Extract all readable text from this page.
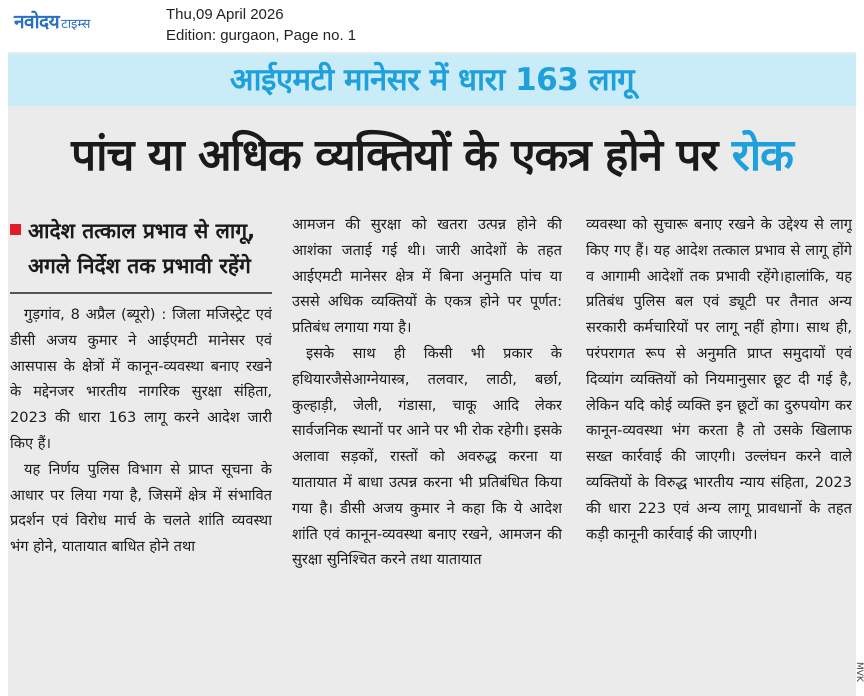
नवोदय टाइम्स
Thu,09 April 2026
Edition: gurgaon, Page no. 1
आईएमटी मानेसर में धारा 163 लागू
पांच या अधिक व्यक्तियों के एकत्र होने पर रोक
आदेश तत्काल प्रभाव से लागू, अगले निर्देश तक प्रभावी रहेंगे

गुड़गांव, 8 अप्रैल (ब्यूरो) : जिला मजिस्ट्रेट एवं डीसी अजय कुमार ने आईएमटी मानेसर एवं आसपास के क्षेत्रों में कानून-व्यवस्था बनाए रखने के मद्देनजर भारतीय नागरिक सुरक्षा संहिता, 2023 की धारा 163 लागू करने आदेश जारी किए हैं।

यह निर्णय पुलिस विभाग से प्राप्त सूचना के आधार पर लिया गया है, जिसमें क्षेत्र में संभावित प्रदर्शन एवं विरोध मार्च के चलते शांति व्यवस्था भंग होने, यातायात बाधित होने तथा

आमजन की सुरक्षा को खतरा उत्पन्न होने की आशंका जताई गई थी। जारी आदेशों के तहत आईएमटी मानेसर क्षेत्र में बिना अनुमति पांच या उससे अधिक व्यक्तियों के एकत्र होने पर पूर्णत: प्रतिबंध लगाया गया है।

इसके साथ ही किसी भी प्रकार के हथियारजैसेआग्नेयास्त्र, तलवार, लाठी, बर्छा, कुल्हाड़ी, जेली, गंडासा, चाकू आदि लेकर सार्वजनिक स्थानों पर आने पर भी रोक रहेगी। इसके अलावा सड़कों, रास्तों को अवरुद्ध करना या यातायात में बाधा उत्पन्न करना भी प्रतिबंधित किया गया है। डीसी अजय कुमार ने कहा कि ये आदेश शांति एवं कानून-व्यवस्था बनाए रखने, आमजन की सुरक्षा सुनिश्चित करने तथा यातायात

व्यवस्था को सुचारू बनाए रखने के उद्देश्य से लागू किए गए हैं। यह आदेश तत्काल प्रभाव से लागू होंगे व आगामी आदेशों तक प्रभावी रहेंगे।हालांकि, यह प्रतिबंध पुलिस बल एवं ड्यूटी पर तैनात अन्य सरकारी कर्मचारियों पर लागू नहीं होगा। साथ ही, परंपरागत रूप से अनुमति प्राप्त समुदायों एवं दिव्यांग व्यक्तियों को नियमानुसार छूट दी गई है, लेकिन यदि कोई व्यक्ति इन छूटों का दुरुपयोग कर कानून-व्यवस्था भंग करता है तो उसके खिलाफ सख्त कार्रवाई की जाएगी। उल्लंघन करने वाले व्यक्तियों के विरुद्ध भारतीय न्याय संहिता, 2023 की धारा 223 एवं अन्य लागू प्रावधानों के तहत कड़ी कानूनी कार्रवाई की जाएगी।

MVK
